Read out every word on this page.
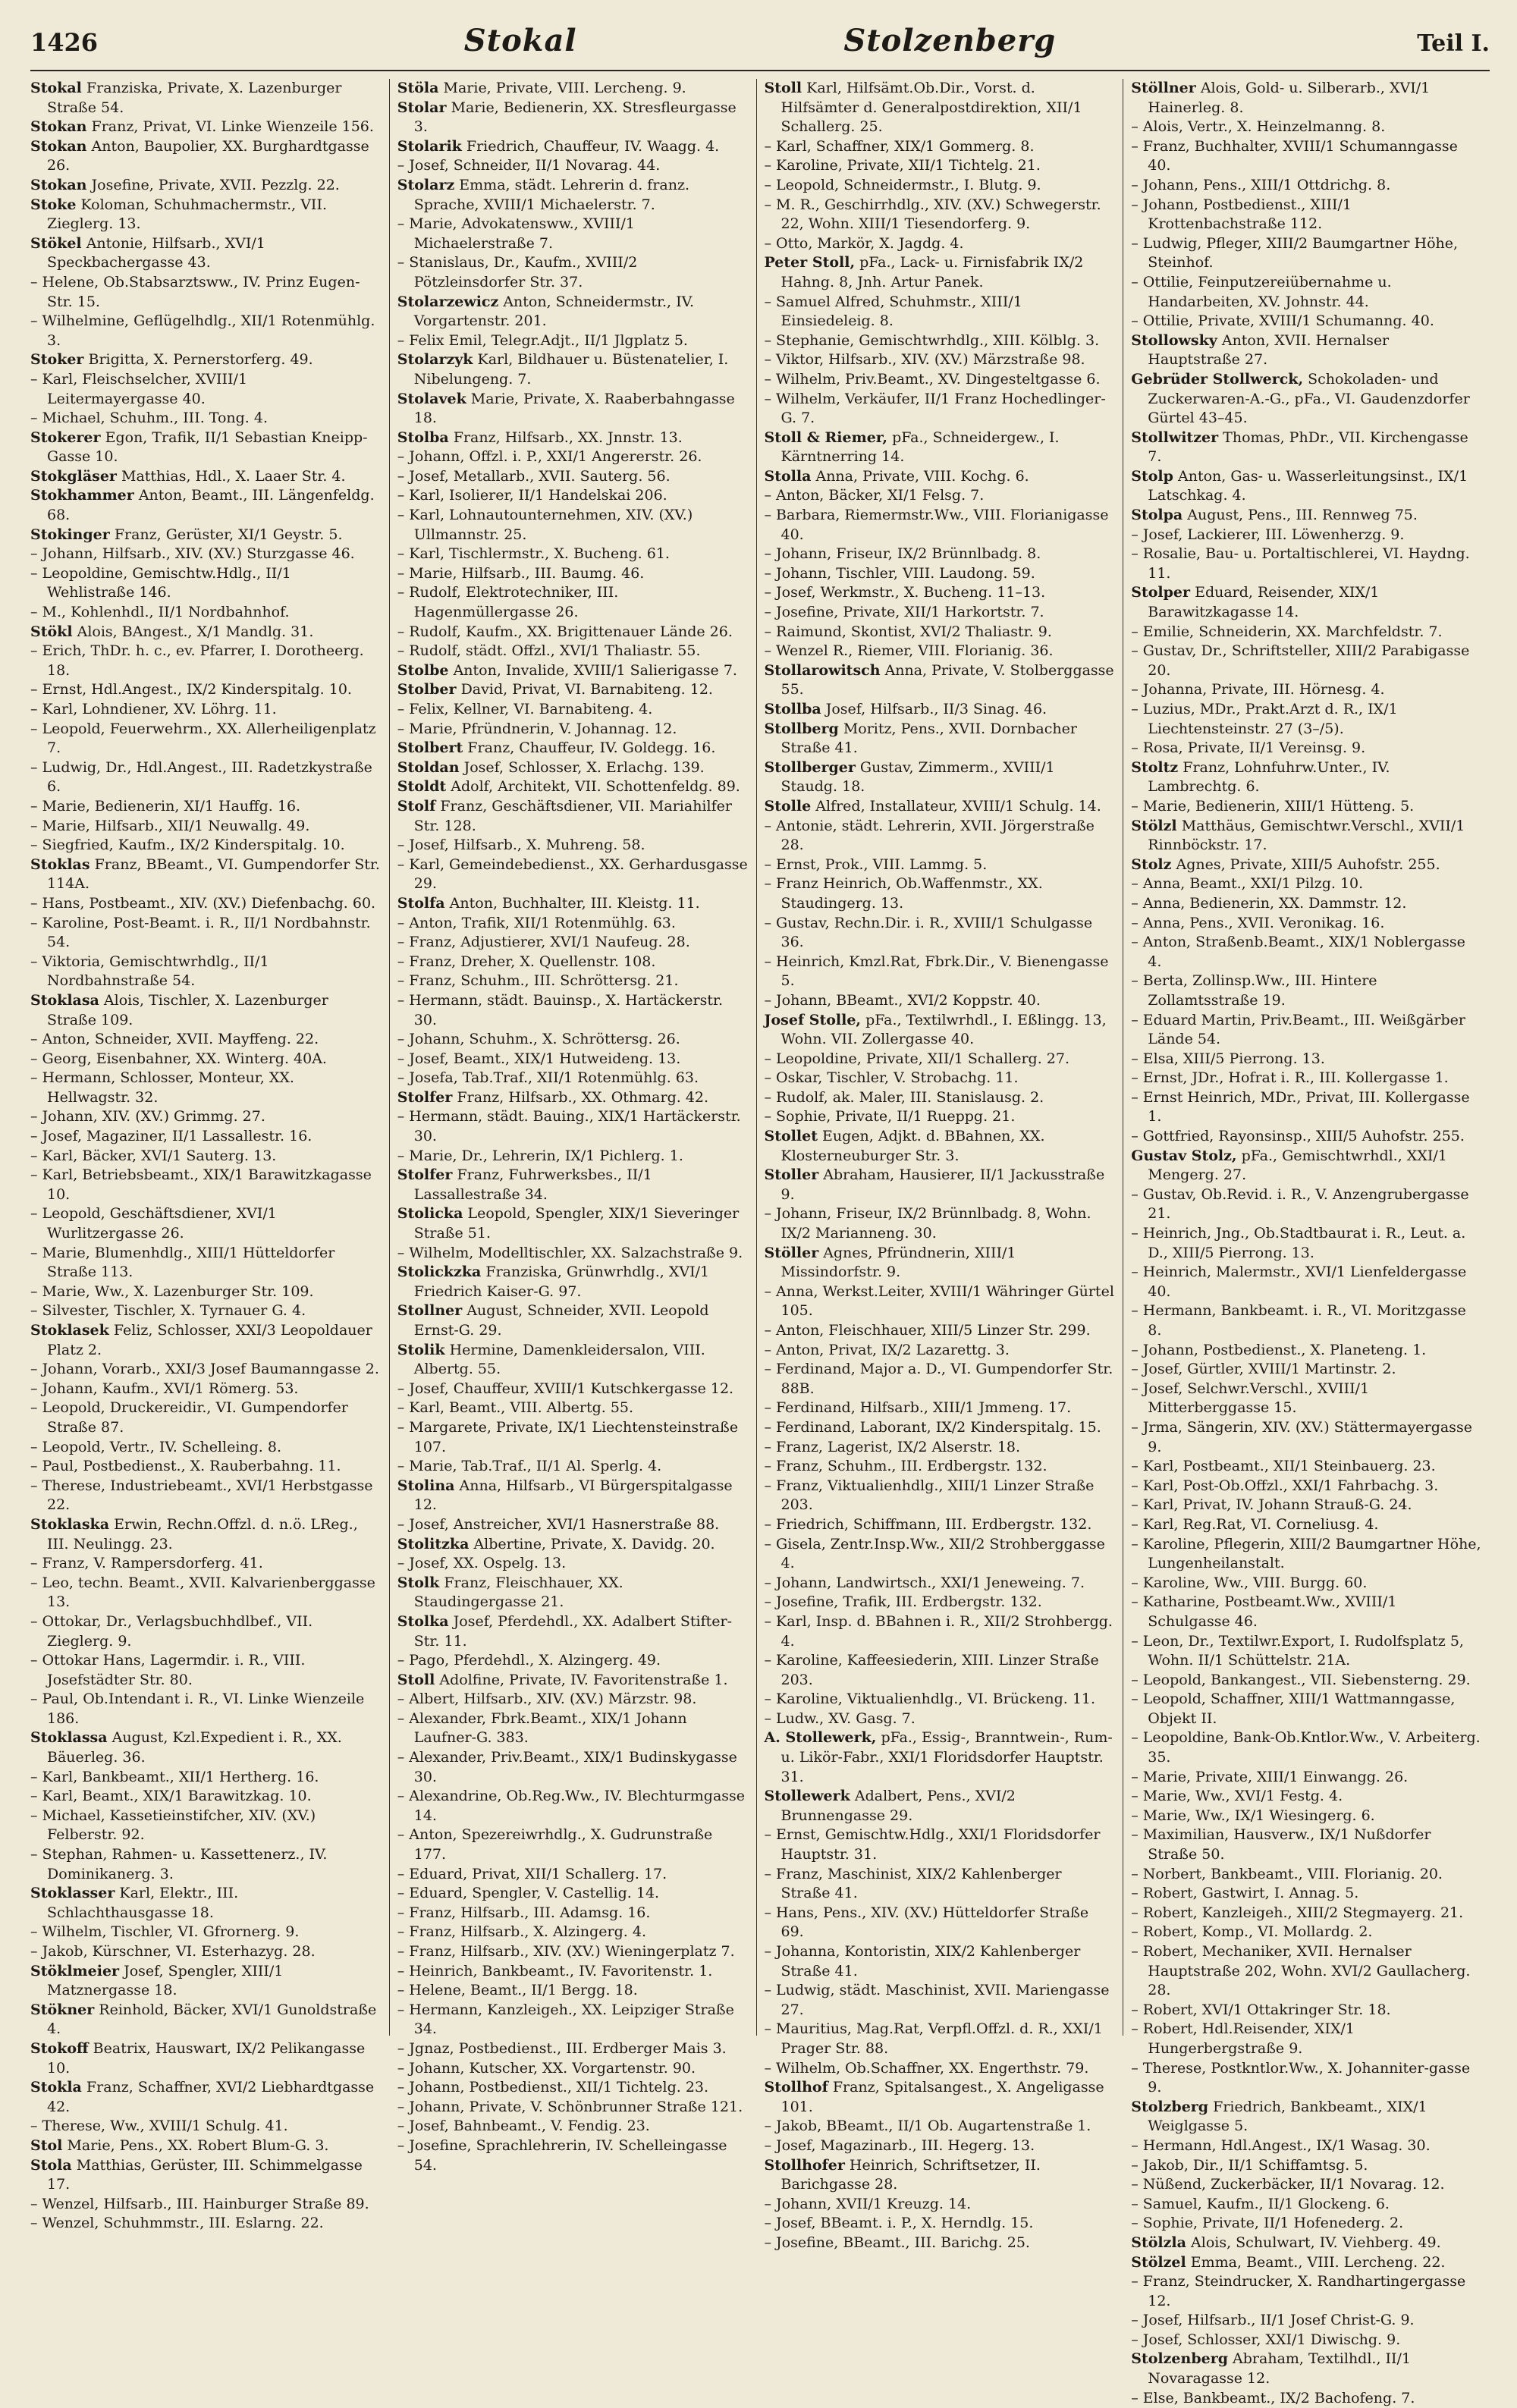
1426	Stokal	Stolzenberg	Teil I.

Stokal Franziska, Private, X. Lazenburger Straße 54.

Stokan Franz, Privat, VI. Linke Wienzeile 156.

Stokan Anton, Baupolier, XX. Burghardtgasse 26.

Stokan Josefine, Private, XVII. Pezzlg. 22.

Stoke Koloman, Schuhmachermstr., VII. Zieglerg. 13.

Stökel Antonie, Hilfsarb., XVI/1 Speckbachergasse 43.

– Helene, Ob.Stabsarztsww., IV. Prinz Eugen-Str. 15.

– Wilhelmine, Geflügelhdlg., XII/1 Rotenmühlg. 3.

Stoker Brigitta, X. Pernerstorferg. 49.

– Karl, Fleischselcher, XVIII/1 Leitermayergasse 40.

– Michael, Schuhm., III. Tong. 4.

Stokerer Egon, Trafik, II/1 Sebastian Kneipp-Gasse 10.

Stokgläser Matthias, Hdl., X. Laaer Str. 4.

Stokhammer Anton, Beamt., III. Längenfeldg. 68.

Stokinger Franz, Gerüster, XI/1 Geystr. 5.

– Johann, Hilfsarb., XIV. (XV.) Sturzgasse 46.

– Leopoldine, Gemischtw.Hdlg., II/1 Wehlistraße 146.

– M., Kohlenhdl., II/1 Nordbahnhof.

Stökl Alois, BAngest., X/1 Mandlg. 31.

– Erich, ThDr. h. c., ev. Pfarrer, I. Dorotheerg. 18.

– Ernst, Hdl.Angest., IX/2 Kinderspitalg. 10.

– Karl, Lohndiener, XV. Löhrg. 11.

– Leopold, Feuerwehrm., XX. Allerheiligenplatz 7.

– Ludwig, Dr., Hdl.Angest., III. Radetzkystraße 6.

– Marie, Bedienerin, XI/1 Hauffg. 16.

– Marie, Hilfsarb., XII/1 Neuwallg. 49.

– Siegfried, Kaufm., IX/2 Kinderspitalg. 10.

Stoklas Franz, BBeamt., VI. Gumpendorfer Str. 114A.

– Hans, Postbeamt., XIV. (XV.) Diefenbachg. 60.

– Karoline, Post-Beamt. i. R., II/1 Nordbahnstr. 54.

– Viktoria, Gemischtwrhdlg., II/1 Nordbahnstraße 54.

Stoklasa Alois, Tischler, X. Lazenburger Straße 109.

– Anton, Schneider, XVII. Mayffeng. 22.

– Georg, Eisenbahner, XX. Winterg. 40A.

– Hermann, Schlosser, Monteur, XX. Hellwagstr. 32.

– Johann, XIV. (XV.) Grimmg. 27.

– Josef, Magaziner, II/1 Lassallestr. 16.

– Karl, Bäcker, XVI/1 Sauterg. 13.

– Karl, Betriebsbeamt., XIX/1 Barawitzkagasse 10.

– Leopold, Geschäftsdiener, XVI/1 Wurlitzergasse 26.

– Marie, Blumenhdlg., XIII/1 Hütteldorfer Straße 113.

– Marie, Ww., X. Lazenburger Str. 109.

– Silvester, Tischler, X. Tyrnauer G. 4.

Stoklasek Feliz, Schlosser, XXI/3 Leopoldauer Platz 2.

– Johann, Vorarb., XXI/3 Josef Baumanngasse 2.

– Johann, Kaufm., XVI/1 Römerg. 53.

– Leopold, Druckereidir., VI. Gumpendorfer Straße 87.

– Leopold, Vertr., IV. Schelleing. 8.

– Paul, Postbedienst., X. Rauberbahng. 11.

– Therese, Industriebeamt., XVI/1 Herbstgasse 22.

Stoklaska Erwin, Rechn.Offzl. d. n.ö. LReg., III. Neulingg. 23.

– Franz, V. Rampersdorferg. 41.

– Leo, techn. Beamt., XVII. Kalvarienberggasse 13.

– Ottokar, Dr., Verlagsbuchhdlbef., VII. Zieglerg. 9.

– Ottokar Hans, Lagermdir. i. R., VIII. Josefstädter Str. 80.

– Paul, Ob.Intendant i. R., VI. Linke Wienzeile 186.

Stoklassa August, Kzl.Expedient i. R., XX. Bäuerleg. 36.

– Karl, Bankbeamt., XII/1 Hertherg. 16.

– Karl, Beamt., XIX/1 Barawitzkag. 10.

– Michael, Kassetieinstifcher, XIV. (XV.) Felberstr. 92.

– Stephan, Rahmen- u. Kassettenerz., IV. Dominikanerg. 3.

Stoklasser Karl, Elektr., III. Schlachthausgasse 18.

– Wilhelm, Tischler, VI. Gfrornerg. 9.

– Jakob, Kürschner, VI. Esterhazyg. 28.

Stöklmeier Josef, Spengler, XIII/1 Matznergasse 18.

Stökner Reinhold, Bäcker, XVI/1 Gunoldstraße 4.

Stokoff Beatrix, Hauswart, IX/2 Pelikangasse 10.

Stokla Franz, Schaffner, XVI/2 Liebhardtgasse 42.

– Therese, Ww., XVIII/1 Schulg. 41.

Stol Marie, Pens., XX. Robert Blum-G. 3.

Stola Matthias, Gerüster, III. Schimmelgasse 17.

– Wenzel, Hilfsarb., III. Hainburger Straße 89.

– Wenzel, Schuhmmstr., III. Eslarng. 22.

Stöla Marie, Private, VIII. Lercheng. 9.

Stolar Marie, Bedienerin, XX. Stresfleurgasse 3.

Stolarik Friedrich, Chauffeur, IV. Waagg. 4.

– Josef, Schneider, II/1 Novarag. 44.

Stolarz Emma, städt. Lehrerin d. franz. Sprache, XVIII/1 Michaelerstr. 7.

– Marie, Advokatensww., XVIII/1 Michaelerstraße 7.

– Stanislaus, Dr., Kaufm., XVIII/2 Pötzleinsdorfer Str. 37.

Stolarzewicz Anton, Schneidermstr., IV. Vorgartenstr. 201.

– Felix Emil, Telegr.Adjt., II/1 Jlgplatz 5.

Stolarzyk Karl, Bildhauer u. Büstenatelier, I. Nibelungeng. 7.

Stolavek Marie, Private, X. Raaberbahngasse 18.

Stolba Franz, Hilfsarb., XX. Jnnstr. 13.

– Johann, Offzl. i. P., XXI/1 Angererstr. 26.

– Josef, Metallarb., XVII. Sauterg. 56.

– Karl, Isolierer, II/1 Handelskai 206.

– Karl, Lohnautounternehmen, XIV. (XV.) Ullmannstr. 25.

– Karl, Tischlermstr., X. Bucheng. 61.

– Marie, Hilfsarb., III. Baumg. 46.

– Rudolf, Elektrotechniker, III. Hagenmüllergasse 26.

– Rudolf, Kaufm., XX. Brigittenauer Lände 26.

– Rudolf, städt. Offzl., XVI/1 Thaliastr. 55.

Stolbe Anton, Invalide, XVIII/1 Salierigasse 7.

Stolber David, Privat, VI. Barnabiteng. 12.

– Felix, Kellner, VI. Barnabiteng. 4.

– Marie, Pfründnerin, V. Johannag. 12.

Stolbert Franz, Chauffeur, IV. Goldegg. 16.

Stoldan Josef, Schlosser, X. Erlachg. 139.

Stoldt Adolf, Architekt, VII. Schottenfeldg. 89.

Stolf Franz, Geschäftsdiener, VII. Mariahilfer Str. 128.

– Josef, Hilfsarb., X. Muhreng. 58.

– Karl, Gemeindebedienst., XX. Gerhardusgasse 29.

Stolfa Anton, Buchhalter, III. Kleistg. 11.

– Anton, Trafik, XII/1 Rotenmühlg. 63.

– Franz, Adjustierer, XVI/1 Naufeug. 28.

– Franz, Dreher, X. Quellenstr. 108.

– Franz, Schuhm., III. Schröttersg. 21.

– Hermann, städt. Bauinsp., X. Hartäckerstr. 30.

– Johann, Schuhm., X. Schröttersg. 26.

– Josef, Beamt., XIX/1 Hutweideng. 13.

– Josefa, Tab.Traf., XII/1 Rotenmühlg. 63.

Stolfer Franz, Hilfsarb., XX. Othmarg. 42.

– Hermann, städt. Bauing., XIX/1 Hartäckerstr. 30.

– Marie, Dr., Lehrerin, IX/1 Pichlerg. 1.

Stolfer Franz, Fuhrwerksbes., II/1 Lassallestraße 34.

Stolicka Leopold, Spengler, XIX/1 Sieveringer Straße 51.

– Wilhelm, Modelltischler, XX. Salzachstraße 9.

Stolickzka Franziska, Grünwrhdlg., XVI/1 Friedrich Kaiser-G. 97.

Stollner August, Schneider, XVII. Leopold Ernst-G. 29.

Stolik Hermine, Damenkleidersalon, VIII. Albertg. 55.

– Josef, Chauffeur, XVIII/1 Kutschkergasse 12.

– Karl, Beamt., VIII. Albertg. 55.

– Margarete, Private, IX/1 Liechtensteinstraße 107.

– Marie, Tab.Traf., II/1 Al. Sperlg. 4.

Stolina Anna, Hilfsarb., VI Bürgerspitalgasse 12.

– Josef, Anstreicher, XVI/1 Hasnerstraße 88.

Stolitzka Albertine, Private, X. Davidg. 20.

– Josef, XX. Ospelg. 13.

Stolk Franz, Fleischhauer, XX. Staudingergasse 21.

Stolka Josef, Pferdehdl., XX. Adalbert Stifter-Str. 11.

– Pago, Pferdehdl., X. Alzingerg. 49.

Stoll Adolfine, Private, IV. Favoritenstraße 1.

– Albert, Hilfsarb., XIV. (XV.) Märzstr. 98.

– Alexander, Fbrk.Beamt., XIX/1 Johann Laufner-G. 383.

– Alexander, Priv.Beamt., XIX/1 Budinskygasse 30.

– Alexandrine, Ob.Reg.Ww., IV. Blechturmgasse 14.

– Anton, Spezereiwrhdlg., X. Gudrunstraße 177.

– Eduard, Privat, XII/1 Schallerg. 17.

– Eduard, Spengler, V. Castellig. 14.

– Franz, Hilfsarb., III. Adamsg. 16.

– Franz, Hilfsarb., X. Alzingerg. 4.

– Franz, Hilfsarb., XIV. (XV.) Wieningerplatz 7.

– Heinrich, Bankbeamt., IV. Favoritenstr. 1.

– Helene, Beamt., II/1 Bergg. 18.

– Hermann, Kanzleigeh., XX. Leipziger Straße 34.

– Jgnaz, Postbedienst., III. Erdberger Mais 3.

– Johann, Kutscher, XX. Vorgartenstr. 90.

– Johann, Postbedienst., XII/1 Tichtelg. 23.

– Johann, Private, V. Schönbrunner Straße 121.

– Josef, Bahnbeamt., V. Fendig. 23.

– Josefine, Sprachlehrerin, IV. Schelleingasse 54.

Stoll Karl, Hilfsämt.Ob.Dir., Vorst. d. Hilfsämter d. Generalpostdirektion, XII/1 Schallerg. 25.

– Karl, Schaffner, XIX/1 Gommerg. 8.

– Karoline, Private, XII/1 Tichtelg. 21.

– Leopold, Schneidermstr., I. Blutg. 9.

– M. R., Geschirrhdlg., XIV. (XV.) Schwegerstr. 22, Wohn. XIII/1 Tiesendorferg. 9.

– Otto, Markör, X. Jagdg. 4.

Peter Stoll, pFa., Lack- u. Firnisfabrik IX/2 Hahng. 8, Jnh. Artur Panek.

– Samuel Alfred, Schuhmstr., XIII/1 Einsiedeleig. 8.

– Stephanie, Gemischtwrhdlg., XIII. Kölblg. 3.

– Viktor, Hilfsarb., XIV. (XV.) Märzstraße 98.

– Wilhelm, Priv.Beamt., XV. Dingesteltgasse 6.

– Wilhelm, Verkäufer, II/1 Franz Hochedlinger-G. 7.

Stoll & Riemer, pFa., Schneidergew., I. Kärntnerring 14.

Stolla Anna, Private, VIII. Kochg. 6.

– Anton, Bäcker, XI/1 Felsg. 7.

– Barbara, Riemermstr.Ww., VIII. Florianigasse 40.

– Johann, Friseur, IX/2 Brünnlbadg. 8.

– Johann, Tischler, VIII. Laudong. 59.

– Josef, Werkmstr., X. Bucheng. 11–13.

– Josefine, Private, XII/1 Harkortstr. 7.

– Raimund, Skontist, XVI/2 Thaliastr. 9.

– Wenzel R., Riemer, VIII. Florianig. 36.

Stollarowitsch Anna, Private, V. Stolberggasse 55.

Stollba Josef, Hilfsarb., II/3 Sinag. 46.

Stollberg Moritz, Pens., XVII. Dornbacher Straße 41.

Stollberger Gustav, Zimmerm., XVIII/1 Staudg. 18.

Stolle Alfred, Installateur, XVIII/1 Schulg. 14.

– Antonie, städt. Lehrerin, XVII. Jörgerstraße 28.

– Ernst, Prok., VIII. Lammg. 5.

– Franz Heinrich, Ob.Waffenmstr., XX. Staudingerg. 13.

– Gustav, Rechn.Dir. i. R., XVIII/1 Schulgasse 36.

– Heinrich, Kmzl.Rat, Fbrk.Dir., V. Bienengasse 5.

– Johann, BBeamt., XVI/2 Koppstr. 40.

Josef Stolle, pFa., Textilwrhdl., I. Eßlingg. 13, Wohn. VII. Zollergasse 40.

– Leopoldine, Private, XII/1 Schallerg. 27.

– Oskar, Tischler, V. Strobachg. 11.

– Rudolf, ak. Maler, III. Stanislausg. 2.

– Sophie, Private, II/1 Rueppg. 21.

Stollet Eugen, Adjkt. d. BBahnen, XX. Klosterneuburger Str. 3.

Stoller Abraham, Hausierer, II/1 Jackusstraße 9.

– Johann, Friseur, IX/2 Brünnlbadg. 8, Wohn. IX/2 Marianneng. 30.

Stöller Agnes, Pfründnerin, XIII/1 Missindorfstr. 9.

– Anna, Werkst.Leiter, XVIII/1 Währinger Gürtel 105.

– Anton, Fleischhauer, XIII/5 Linzer Str. 299.

– Anton, Privat, IX/2 Lazarettg. 3.

– Ferdinand, Major a. D., VI. Gumpendorfer Str. 88B.

– Ferdinand, Hilfsarb., XIII/1 Jmmeng. 17.

– Ferdinand, Laborant, IX/2 Kinderspitalg. 15.

– Franz, Lagerist, IX/2 Alserstr. 18.

– Franz, Schuhm., III. Erdbergstr. 132.

– Franz, Viktualienhdlg., XIII/1 Linzer Straße 203.

– Friedrich, Schiffmann, III. Erdbergstr. 132.

– Gisela, Zentr.Insp.Ww., XII/2 Strohberggasse 4.

– Johann, Landwirtsch., XXI/1 Jeneweing. 7.

– Josefine, Trafik, III. Erdbergstr. 132.

– Karl, Insp. d. BBahnen i. R., XII/2 Strohbergg. 4.

– Karoline, Kaffeesiederin, XIII. Linzer Straße 203.

– Karoline, Viktualienhdlg., VI. Brückeng. 11.

– Ludw., XV. Gasg. 7.

A. Stollewerk, pFa., Essig-, Branntwein-, Rum- u. Likör-Fabr., XXI/1 Floridsdorfer Hauptstr. 31.

Stollewerk Adalbert, Pens., XVI/2 Brunnengasse 29.

– Ernst, Gemischtw.Hdlg., XXI/1 Floridsdorfer Hauptstr. 31.

– Franz, Maschinist, XIX/2 Kahlenberger Straße 41.

– Hans, Pens., XIV. (XV.) Hütteldorfer Straße 69.

– Johanna, Kontoristin, XIX/2 Kahlenberger Straße 41.

– Ludwig, städt. Maschinist, XVII. Mariengasse 27.

– Mauritius, Mag.Rat, Verpfl.Offzl. d. R., XXI/1 Prager Str. 88.

– Wilhelm, Ob.Schaffner, XX. Engerthstr. 79.

Stollhof Franz, Spitalsangest., X. Angeligasse 101.

– Jakob, BBeamt., II/1 Ob. Augartenstraße 1.

– Josef, Magazinarb., III. Hegerg. 13.

Stollhofer Heinrich, Schriftsetzer, II. Barichgasse 28.

– Johann, XVII/1 Kreuzg. 14.

– Josef, BBeamt. i. P., X. Herndlg. 15.

– Josefine, BBeamt., III. Barichg. 25.

Stöllner Alois, Gold- u. Silberarb., XVI/1 Hainerleg. 8.

– Alois, Vertr., X. Heinzelmanng. 8.

– Franz, Buchhalter, XVIII/1 Schumanngasse 40.

– Johann, Pens., XIII/1 Ottdrichg. 8.

– Johann, Postbedienst., XIII/1 Krottenbachstraße 112.

– Ludwig, Pfleger, XIII/2 Baumgartner Höhe, Steinhof.

– Ottilie, Feinputzereiübernahme u. Handarbeiten, XV. Johnstr. 44.

– Ottilie, Private, XVIII/1 Schumanng. 40.

Stollowsky Anton, XVII. Hernalser Hauptstraße 27.

Gebrüder Stollwerck, Schokoladen- und Zuckerwaren-A.-G., pFa., VI. Gaudenzdorfer Gürtel 43–45.

Stollwitzer Thomas, PhDr., VII. Kirchengasse 7.

Stolp Anton, Gas- u. Wasserleitungsinst., IX/1 Latschkag. 4.

Stolpa August, Pens., III. Rennweg 75.

– Josef, Lackierer, III. Löwenherzg. 9.

– Rosalie, Bau- u. Portaltischlerei, VI. Haydng. 11.

Stolper Eduard, Reisender, XIX/1 Barawitzkagasse 14.

– Emilie, Schneiderin, XX. Marchfeldstr. 7.

– Gustav, Dr., Schriftsteller, XIII/2 Parabigasse 20.

– Johanna, Private, III. Hörnesg. 4.

– Luzius, MDr., Prakt.Arzt d. R., IX/1 Liechtensteinstr. 27 (3–/5).

– Rosa, Private, II/1 Vereinsg. 9.

Stoltz Franz, Lohnfuhrw.Unter., IV. Lambrechtg. 6.

– Marie, Bedienerin, XIII/1 Hütteng. 5.

Stölzl Matthäus, Gemischtwr.Verschl., XVII/1 Rinnböckstr. 17.

Stolz Agnes, Private, XIII/5 Auhofstr. 255.

– Anna, Beamt., XXI/1 Pilzg. 10.

– Anna, Bedienerin, XX. Dammstr. 12.

– Anna, Pens., XVII. Veronikag. 16.

– Anton, Straßenb.Beamt., XIX/1 Noblergasse 4.

– Berta, Zollinsp.Ww., III. Hintere Zollamtsstraße 19.

– Eduard Martin, Priv.Beamt., III. Weißgärber Lände 54.

– Elsa, XIII/5 Pierrong. 13.

– Ernst, JDr., Hofrat i. R., III. Kollergasse 1.

– Ernst Heinrich, MDr., Privat, III. Kollergasse 1.

– Gottfried, Rayonsinsp., XIII/5 Auhofstr. 255.

Gustav Stolz, pFa., Gemischtwrhdl., XXI/1 Mengerg. 27.

– Gustav, Ob.Revid. i. R., V. Anzengrubergasse 21.

– Heinrich, Jng., Ob.Stadtbaurat i. R., Leut. a. D., XIII/5 Pierrong. 13.

– Heinrich, Malermstr., XVI/1 Lienfeldergasse 40.

– Hermann, Bankbeamt. i. R., VI. Moritzgasse 8.

– Johann, Postbedienst., X. Planeteng. 1.

– Josef, Gürtler, XVIII/1 Martinstr. 2.

– Josef, Selchwr.Verschl., XVIII/1 Mitterberggasse 15.

– Jrma, Sängerin, XIV. (XV.) Stättermayergasse 9.

– Karl, Postbeamt., XII/1 Steinbauerg. 23.

– Karl, Post-Ob.Offzl., XXI/1 Fahrbachg. 3.

– Karl, Privat, IV. Johann Strauß-G. 24.

– Karl, Reg.Rat, VI. Corneliusg. 4.

– Karoline, Pflegerin, XIII/2 Baumgartner Höhe, Lungenheilanstalt.

– Karoline, Ww., VIII. Burgg. 60.

– Katharine, Postbeamt.Ww., XVIII/1 Schulgasse 46.

– Leon, Dr., Textilwr.Export, I. Rudolfsplatz 5, Wohn. II/1 Schüttelstr. 21A.

– Leopold, Bankangest., VII. Siebensterng. 29.

– Leopold, Schaffner, XIII/1 Wattmanngasse, Objekt II.

– Leopoldine, Bank-Ob.Kntlor.Ww., V. Arbeiterg. 35.

– Marie, Private, XIII/1 Einwangg. 26.

– Marie, Ww., XVI/1 Festg. 4.

– Marie, Ww., IX/1 Wiesingerg. 6.

– Maximilian, Hausverw., IX/1 Nußdorfer Straße 50.

– Norbert, Bankbeamt., VIII. Florianig. 20.

– Robert, Gastwirt, I. Annag. 5.

– Robert, Kanzleigeh., XIII/2 Stegmayerg. 21.

– Robert, Komp., VI. Mollardg. 2.

– Robert, Mechaniker, XVII. Hernalser Hauptstraße 202, Wohn. XVI/2 Gaullacherg. 28.

– Robert, XVI/1 Ottakringer Str. 18.

– Robert, Hdl.Reisender, XIX/1 Hungerbergstraße 9.

– Therese, Postkntlor.Ww., X. Johanniter-gasse 9.

Stolzberg Friedrich, Bankbeamt., XIX/1 Weiglgasse 5.

– Hermann, Hdl.Angest., IX/1 Wasag. 30.

– Jakob, Dir., II/1 Schiffamtsg. 5.

– Nüßend, Zuckerbäcker, II/1 Novarag. 12.

– Samuel, Kaufm., II/1 Glockeng. 6.

– Sophie, Private, II/1 Hofenederg. 2.

Stölzla Alois, Schulwart, IV. Viehberg. 49.

Stölzel Emma, Beamt., VIII. Lercheng. 22.

– Franz, Steindrucker, X. Randhartingergasse 12.

– Josef, Hilfsarb., II/1 Josef Christ-G. 9.

– Josef, Schlosser, XXI/1 Diwischg. 9.

Stolzenberg Abraham, Textilhdl., II/1 Novaragasse 12.

– Else, Bankbeamt., IX/2 Bachofeng. 7.
